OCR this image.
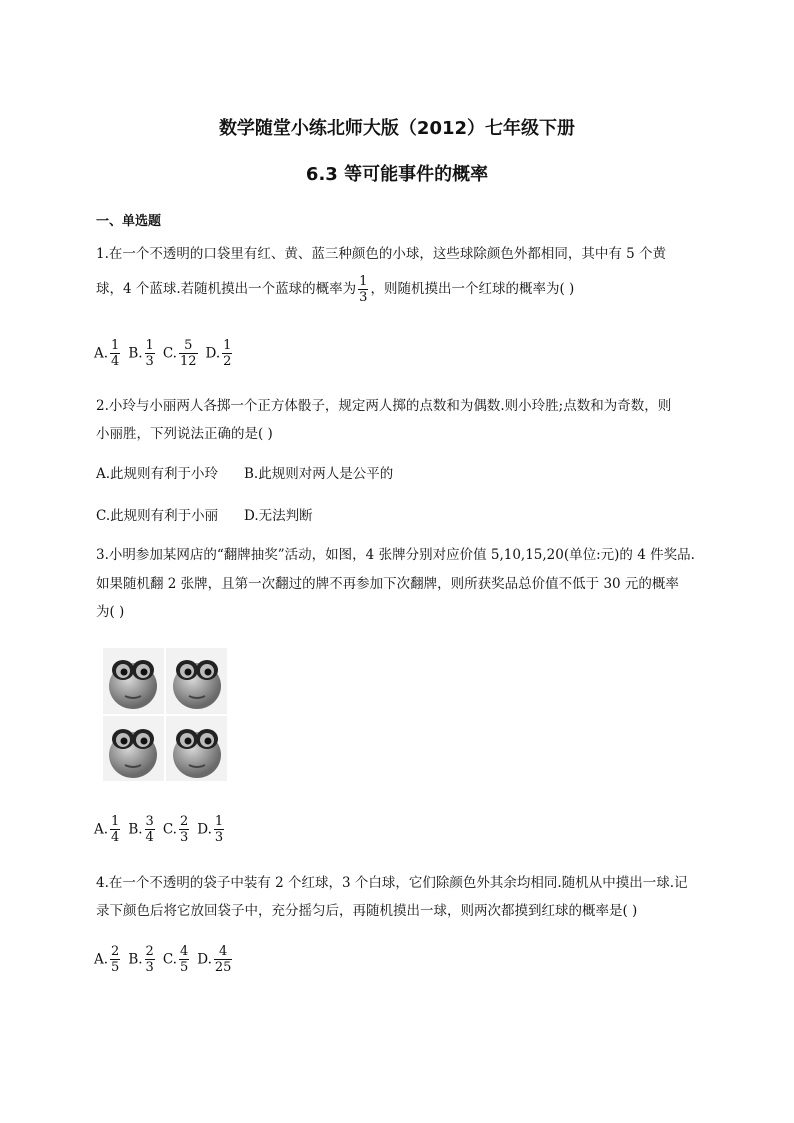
数学随堂小练北师大版（2012）七年级下册
6.3 等可能事件的概率
一、单选题
1.在一个不透明的口袋里有红、黄、蓝三种颜色的小球，这些球除颜色外都相同，其中有 5 个黄
球，4 个蓝球.若随机摸出一个蓝球的概率为 $\frac{1}{3}$ ，则随机摸出一个红球的概率为( )
A. $\frac{1}{4} B$. $\frac{1}{3} C$. $\frac{5}{12} D$. $\frac{1}{2}$
2.小玲与小丽两人各掷一个正方体骰子，规定两人掷的点数和为偶数.则小玲胜;点数和为奇数，则
小丽胜，下列说法正确的是( )
A.此规则有利于小玲 B.此规则对两人是公平的
C.此规则有利于小丽 D.无法判断
3.小明参加某网店的“翻牌抽奖”活动，如图，4 张牌分别对应价值 5,10,15,20(单位:元)的 4 件奖品.
如果随机翻 2 张牌，且第一次翻过的牌不再参加下次翻牌，则所获奖品总价值不低于 30 元的概率
为( )
A. $\frac{1}{4} B$. $\frac{3}{4} C$. $\frac{2}{3} D$. $\frac{1}{3}$
4.在一个不透明的袋子中装有 2 个红球，3 个白球，它们除颜色外其余均相同.随机从中摸出一球.记
录下颜色后将它放回袋子中，充分摇匀后，再随机摸出一球，则两次都摸到红球的概率是( )
A. $\frac{2}{5} B$. $\frac{2}{3} C$. $\frac{4}{5} D$. $\frac{4}{25}$
